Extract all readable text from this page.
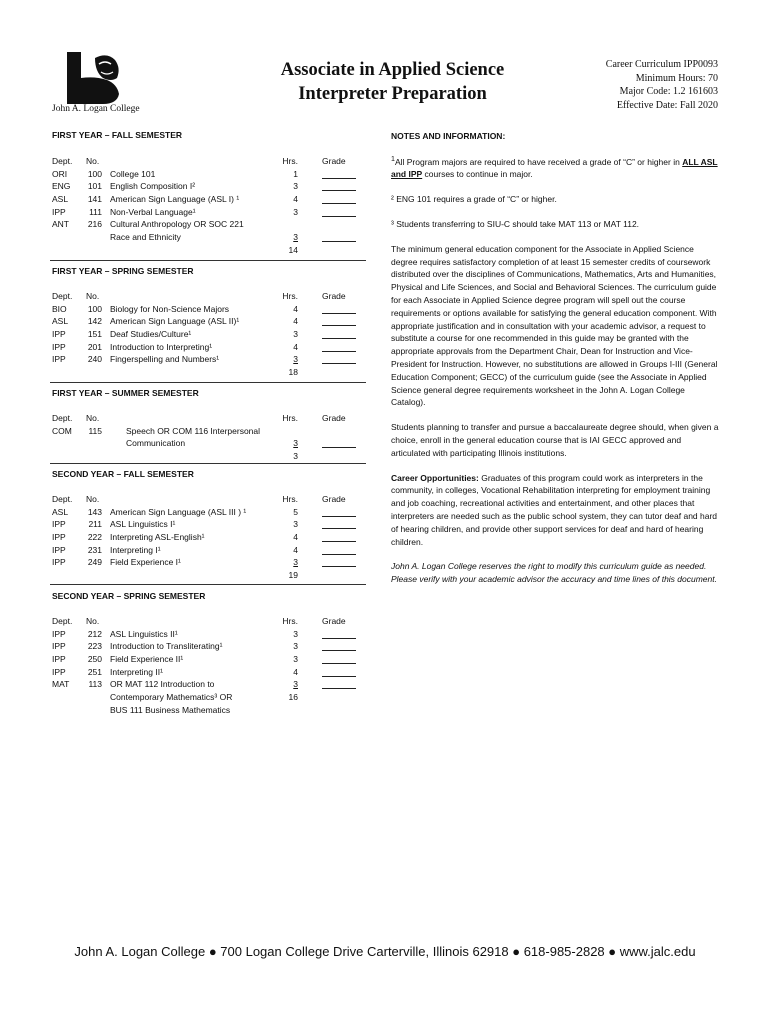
John A. Logan College
Associate in Applied Science
Interpreter Preparation
Career Curriculum IPP0093
Minimum Hours: 70
Major Code: 1.2 161603
Effective Date: Fall 2020
FIRST YEAR – FALL SEMESTER
Dept. No.	Hrs.	Grade
ORI 100 College 101	1
ENG 101 English Composition I²	3
ASL 141 American Sign Language (ASL I) ¹	4
IPP	111 Non-Verbal Language¹	3
ANT 216 Cultural Anthropology OR SOC 221
Race and Ethnicity	3
14
FIRST YEAR – SPRING SEMESTER
Dept. No.	Hrs.	Grade
BIO 100 Biology for Non-Science Majors	4
ASL 142 American Sign Language (ASL II)¹	4
IPP	151 Deaf Studies/Culture¹	3
IPP	201 Introduction to Interpreting¹	4
IPP	240 Fingerspelling and Numbers¹	3
18
FIRST YEAR – SUMMER SEMESTER
Dept. No.	Hrs.	Grade
COM 115	Speech OR COM 116 Interpersonal
Communication	3
3
SECOND YEAR – FALL SEMESTER
Dept. No.	Hrs.	Grade
ASL 143 American Sign Language (ASL III ) ¹	5
IPP	211 ASL Linguistics I¹	3
IPP	222 Interpreting ASL-English¹	4
IPP	231 Interpreting I¹	4
IPP	249 Field Experience I¹	3
19
SECOND YEAR – SPRING SEMESTER
Dept. No.	Hrs.	Grade
IPP	212 ASL Linguistics II¹	3
IPP	223 Introduction to Transliterating¹	3
IPP	250 Field Experience II¹	3
IPP	251 Interpreting II¹	4
MAT 113 OR MAT 112 Introduction to	3
Contemporary Mathematics³ OR	16
BUS 111 Business Mathematics

NOTES AND INFORMATION:

$^1$All Program majors are required to have received a grade of “C” or higher in ALL ASL and IPP courses to continue in major.

² ENG 101 requires a grade of “C” or higher.

³ Students transferring to SIU-C should take MAT 113 or MAT 112.

The minimum general education component for the Associate in Applied Science degree requires satisfactory completion of at least 15 semester credits of coursework distributed over the disciplines of Communications, Mathematics, Arts and Humanities, Physical and Life Sciences, and Social and Behavioral Sciences. The curriculum guide for each Associate in Applied Science degree program will spell out the course requirements or options available for satisfying the general education component. With appropriate justification and in consultation with your academic advisor, a request to substitute a course for one recommended in this guide may be granted with the appropriate approvals from the Department Chair, Dean for Instruction and Vice-President for Instruction. However, no substitutions are allowed in Groups I-III (General Education Component; GECC) of the curriculum guide (see the Associate in Applied Science general degree requirements worksheet in the John A. Logan College Catalog).

Students planning to transfer and pursue a baccalaureate degree should, when given a choice, enroll in the general education course that is IAI GECC approved and articulated with participating Illinois institutions.

Career Opportunities: Graduates of this program could work as interpreters in the community, in colleges, Vocational Rehabilitation interpreting for employment training and job coaching, recreational activities and entertainment, and other places that interpreters are needed such as the public school system, they can tutor deaf and hard of hearing children, and provide other support services for deaf and hard of hearing children.

John A. Logan College reserves the right to modify this curriculum guide as needed. Please verify with your academic advisor the accuracy and time lines of this document.

John A. Logan College ● 700 Logan College Drive Carterville, Illinois 62918 ● 618-985-2828 ● www.jalc.edu
